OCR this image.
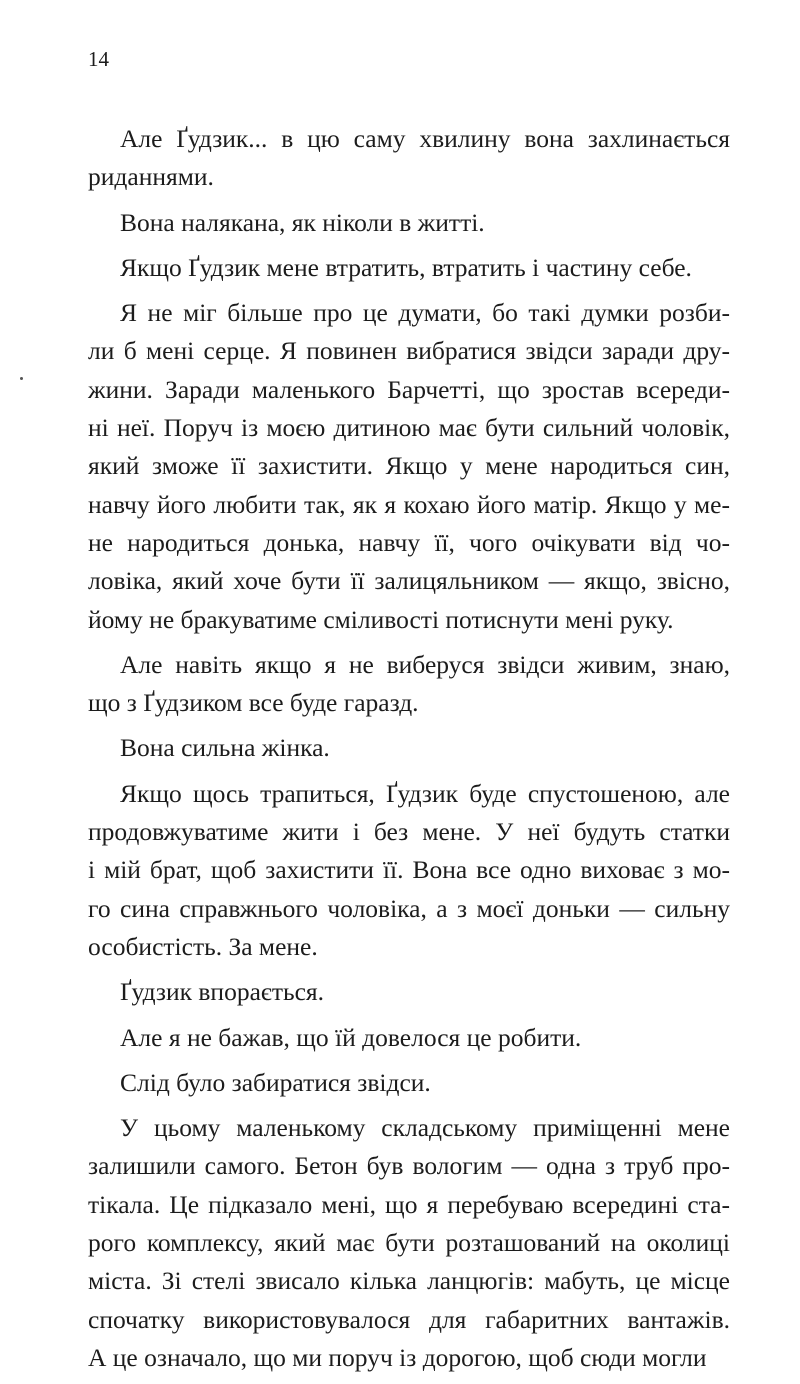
14

Але Ґудзик... в цю саму хвилину вона захлинається
риданнями.

Вона налякана, як ніколи в житті.

Якщо Ґудзик мене втратить, втратить і частину себе.

Я не міг більше про це думати, бо такі думки розби-
ли б мені серце. Я повинен вибратися звідси заради дру-
жини. Заради маленького Барчетті, що зростав всереди-
ні неї. Поруч із моєю дитиною має бути сильний чоловік,
який зможе її захистити. Якщо у мене народиться син,
навчу його любити так, як я кохаю його матір. Якщо у ме-
не народиться донька, навчу її, чого очікувати від чо-
ловіка, який хоче бути її залицяльником — якщо, звісно,
йому не бракуватиме сміливості потиснути мені руку.

Але навіть якщо я не виберуся звідси живим, знаю,
що з Ґудзиком все буде гаразд.

Вона сильна жінка.

Якщо щось трапиться, Ґудзик буде спустошеною, але
продовжуватиме жити і без мене. У неї будуть статки
і мій брат, щоб захистити її. Вона все одно виховає з мо-
го сина справжнього чоловіка, а з моєї доньки — сильну
особистість. За мене.

Ґудзик впорається.

Але я не бажав, що їй довелося це робити.

Слід було забиратися звідси.

У цьому маленькому складському приміщенні мене
залишили самого. Бетон був вологим — одна з труб про-
тікала. Це підказало мені, що я перебуваю всередині ста-
рого комплексу, який має бути розташований на околиці
міста. Зі стелі звисало кілька ланцюгів: мабуть, це місце
спочатку використовувалося для габаритних вантажів.
А це означало, що ми поруч із дорогою, щоб сюди могли
